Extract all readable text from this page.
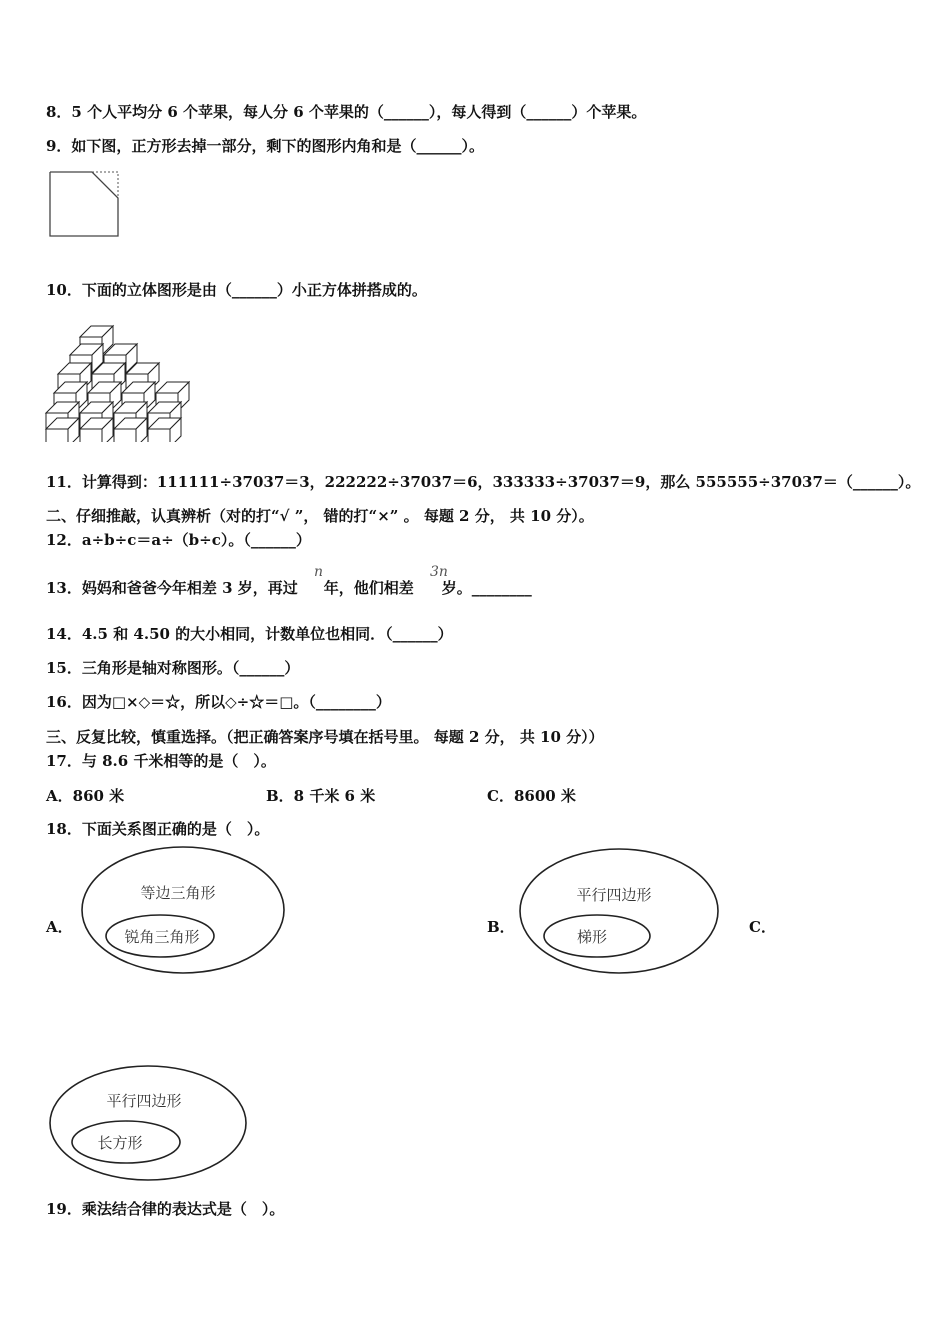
8．5 个人平均分 6 个苹果，每人分 6 个苹果的（______），每人得到（______）个苹果。
9．如下图，正方形去掉一部分，剩下的图形内角和是（______）。
10．下面的立体图形是由（______）小正方体拼搭成的。
11．计算得到：111111÷37037＝3，222222÷37037＝6，333333÷37037＝9，那么 555555÷37037＝（______）。
二、仔细推敲，认真辨析（对的打“√ ”， 错的打“×” 。 每题 2 分， 共 10 分）。
12．a÷b÷c＝a÷（b÷c）。（______）
13．妈妈和爸爸今年相差 3 岁，再过 年，他们相差 岁。________
n	3n
14．4.5 和 4.50 的大小相同，计数单位也相同．（______）
15．三角形是轴对称图形。（______）
16．因为□×◇＝☆，所以◇÷☆＝□。（________）
三、反复比较，慎重选择。（把正确答案序号填在括号里。 每题 2 分， 共 10 分））
17．与 8.6 千米相等的是（　）。
A．860 米	B．8 千米 6 米	C．8600 米
18．下面关系图正确的是（　）。
A．
等边三角形
锐角三角形
B．
平行四边形
梯形
C．
平行四边形
长方形
19．乘法结合律的表达式是（　）。
